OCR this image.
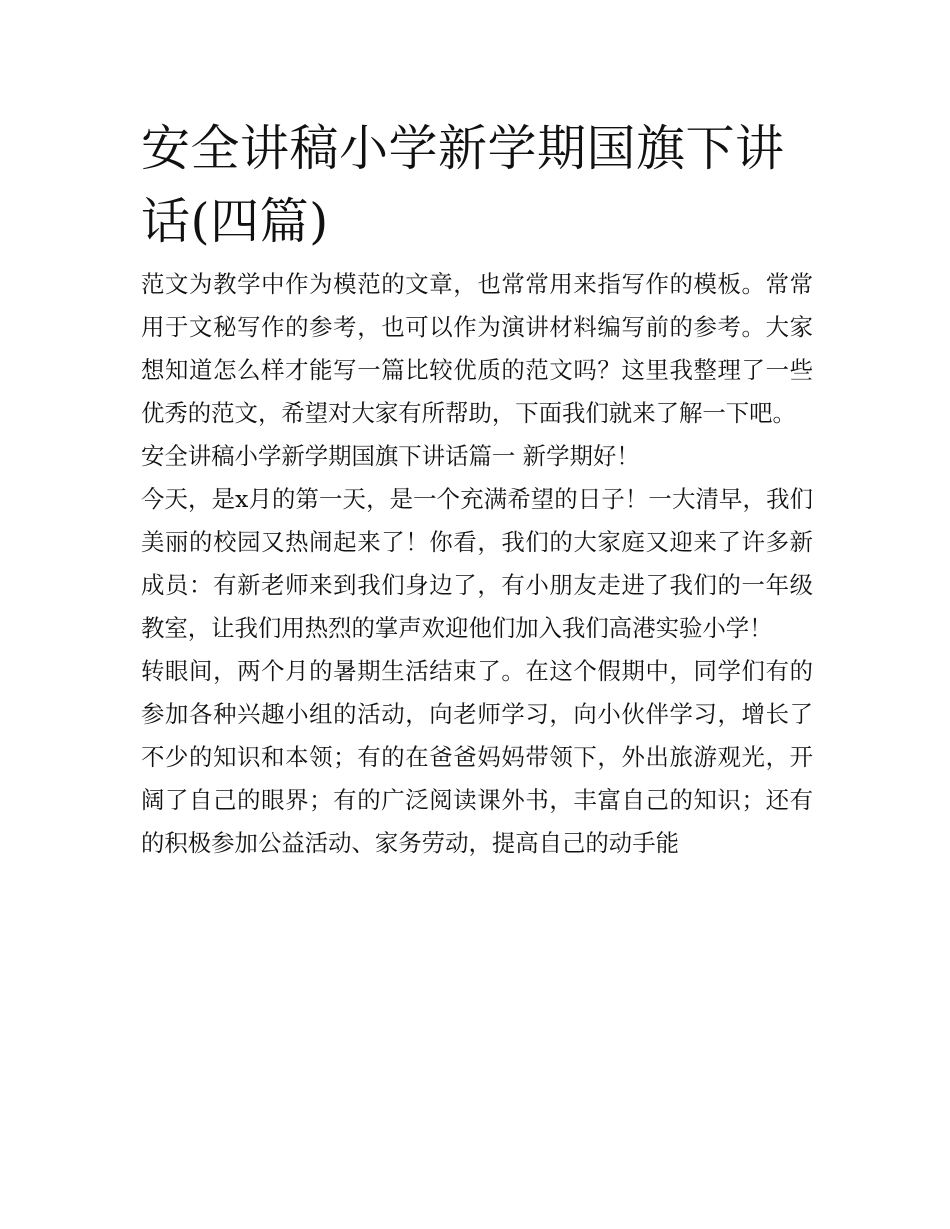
安全讲稿小学新学期国旗下讲话(四篇)

范文为教学中作为模范的文章，也常常用来指写作的模板。常常用于文秘写作的参考，也可以作为演讲材料编写前的参考。大家想知道怎么样才能写一篇比较优质的范文吗？这里我整理了一些优秀的范文，希望对大家有所帮助，下面我们就来了解一下吧。

安全讲稿小学新学期国旗下讲话篇一 新学期好！

今天，是x月的第一天，是一个充满希望的日子！一大清早，我们美丽的校园又热闹起来了！你看，我们的大家庭又迎来了许多新成员：有新老师来到我们身边了，有小朋友走进了我们的一年级教室，让我们用热烈的掌声欢迎他们加入我们高港实验小学！

转眼间，两个月的暑期生活结束了。在这个假期中，同学们有的参加各种兴趣小组的活动，向老师学习，向小伙伴学习，增长了不少的知识和本领；有的在爸爸妈妈带领下，外出旅游观光，开阔了自己的眼界；有的广泛阅读课外书，丰富自己的知识；还有的积极参加公益活动、家务劳动，提高自己的动手能
